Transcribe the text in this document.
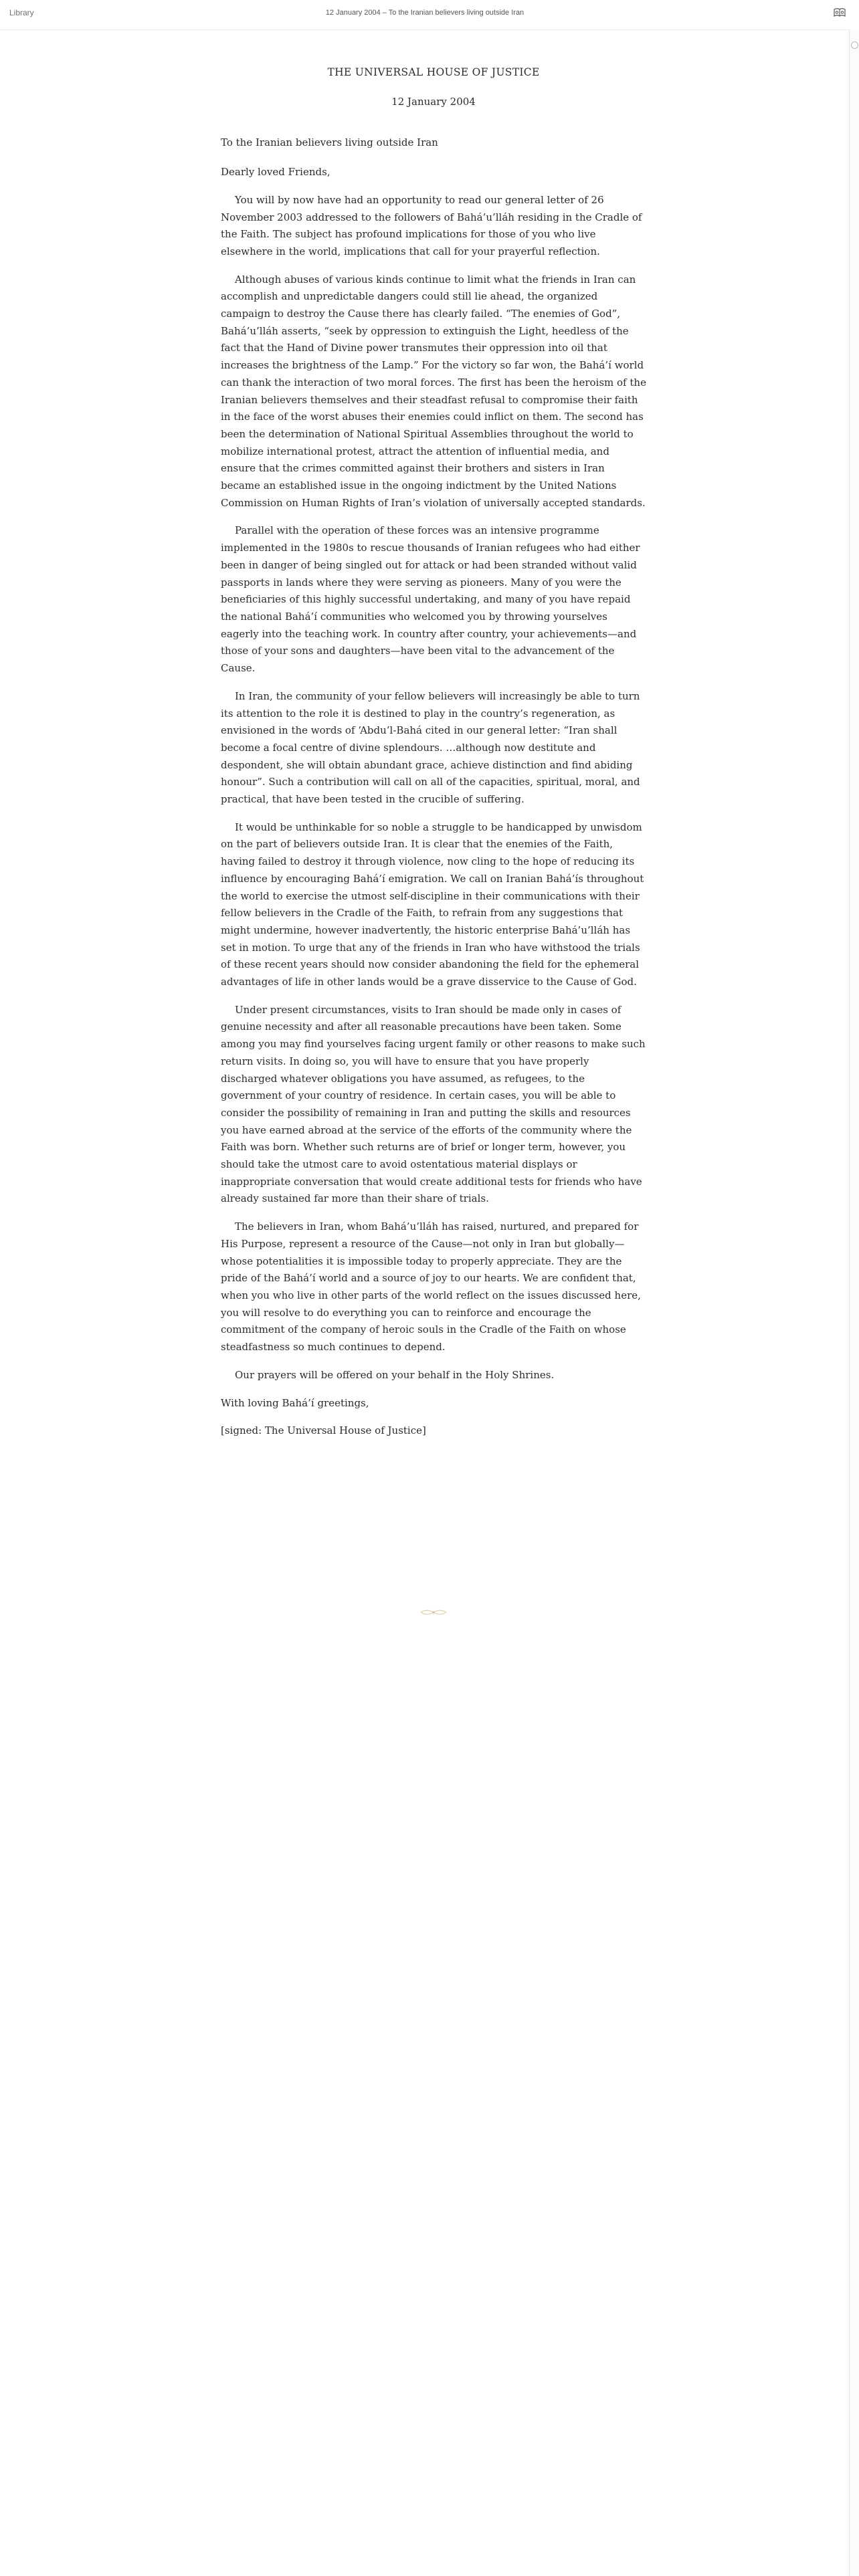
Library	12 January 2004 – To the Iranian believers living outside Iran

THE UNIVERSAL HOUSE OF JUSTICE

12 January 2004

To the Iranian believers living outside Iran

Dearly loved Friends,

You will by now have had an opportunity to read our general letter of 26 November 2003 addressed to the followers of Bahá’u’lláh residing in the Cradle of the Faith. The subject has profound implications for those of you who live elsewhere in the world, implications that call for your prayerful reflection.

Although abuses of various kinds continue to limit what the friends in Iran can accomplish and unpredictable dangers could still lie ahead, the organized campaign to destroy the Cause there has clearly failed. “The enemies of God”, Bahá’u’lláh asserts, “seek by oppression to extinguish the Light, heedless of the fact that the Hand of Divine power transmutes their oppression into oil that increases the brightness of the Lamp.” For the victory so far won, the Bahá’í world can thank the interaction of two moral forces. The first has been the heroism of the Iranian believers themselves and their steadfast refusal to compromise their faith in the face of the worst abuses their enemies could inflict on them. The second has been the determination of National Spiritual Assemblies throughout the world to mobilize international protest, attract the attention of influential media, and ensure that the crimes committed against their brothers and sisters in Iran became an established issue in the ongoing indictment by the United Nations Commission on Human Rights of Iran’s violation of universally accepted standards.

Parallel with the operation of these forces was an intensive programme implemented in the 1980s to rescue thousands of Iranian refugees who had either been in danger of being singled out for attack or had been stranded without valid passports in lands where they were serving as pioneers. Many of you were the beneficiaries of this highly successful undertaking, and many of you have repaid the national Bahá’í communities who welcomed you by throwing yourselves eagerly into the teaching work. In country after country, your achievements—and those of your sons and daughters—have been vital to the advancement of the Cause.

In Iran, the community of your fellow believers will increasingly be able to turn its attention to the role it is destined to play in the country’s regeneration, as envisioned in the words of ‘Abdu’l-Bahá cited in our general letter: “Iran shall become a focal centre of divine splendours. …although now destitute and despondent, she will obtain abundant grace, achieve distinction and find abiding honour”. Such a contribution will call on all of the capacities, spiritual, moral, and practical, that have been tested in the crucible of suffering.

It would be unthinkable for so noble a struggle to be handicapped by unwisdom on the part of believers outside Iran. It is clear that the enemies of the Faith, having failed to destroy it through violence, now cling to the hope of reducing its influence by encouraging Bahá’í emigration. We call on Iranian Bahá’ís throughout the world to exercise the utmost self-discipline in their communications with their fellow believers in the Cradle of the Faith, to refrain from any suggestions that might undermine, however inadvertently, the historic enterprise Bahá’u’lláh has set in motion. To urge that any of the friends in Iran who have withstood the trials of these recent years should now consider abandoning the field for the ephemeral advantages of life in other lands would be a grave disservice to the Cause of God.

Under present circumstances, visits to Iran should be made only in cases of genuine necessity and after all reasonable precautions have been taken. Some among you may find yourselves facing urgent family or other reasons to make such return visits. In doing so, you will have to ensure that you have properly discharged whatever obligations you have assumed, as refugees, to the government of your country of residence. In certain cases, you will be able to consider the possibility of remaining in Iran and putting the skills and resources you have earned abroad at the service of the efforts of the community where the Faith was born. Whether such returns are of brief or longer term, however, you should take the utmost care to avoid ostentatious material displays or inappropriate conversation that would create additional tests for friends who have already sustained far more than their share of trials.

The believers in Iran, whom Bahá’u’lláh has raised, nurtured, and prepared for His Purpose, represent a resource of the Cause—not only in Iran but globally—whose potentialities it is impossible today to properly appreciate. They are the pride of the Bahá’í world and a source of joy to our hearts. We are confident that, when you who live in other parts of the world reflect on the issues discussed here, you will resolve to do everything you can to reinforce and encourage the commitment of the company of heroic souls in the Cradle of the Faith on whose steadfastness so much continues to depend.

Our prayers will be offered on your behalf in the Holy Shrines.

With loving Bahá’í greetings,

[signed: The Universal House of Justice]
